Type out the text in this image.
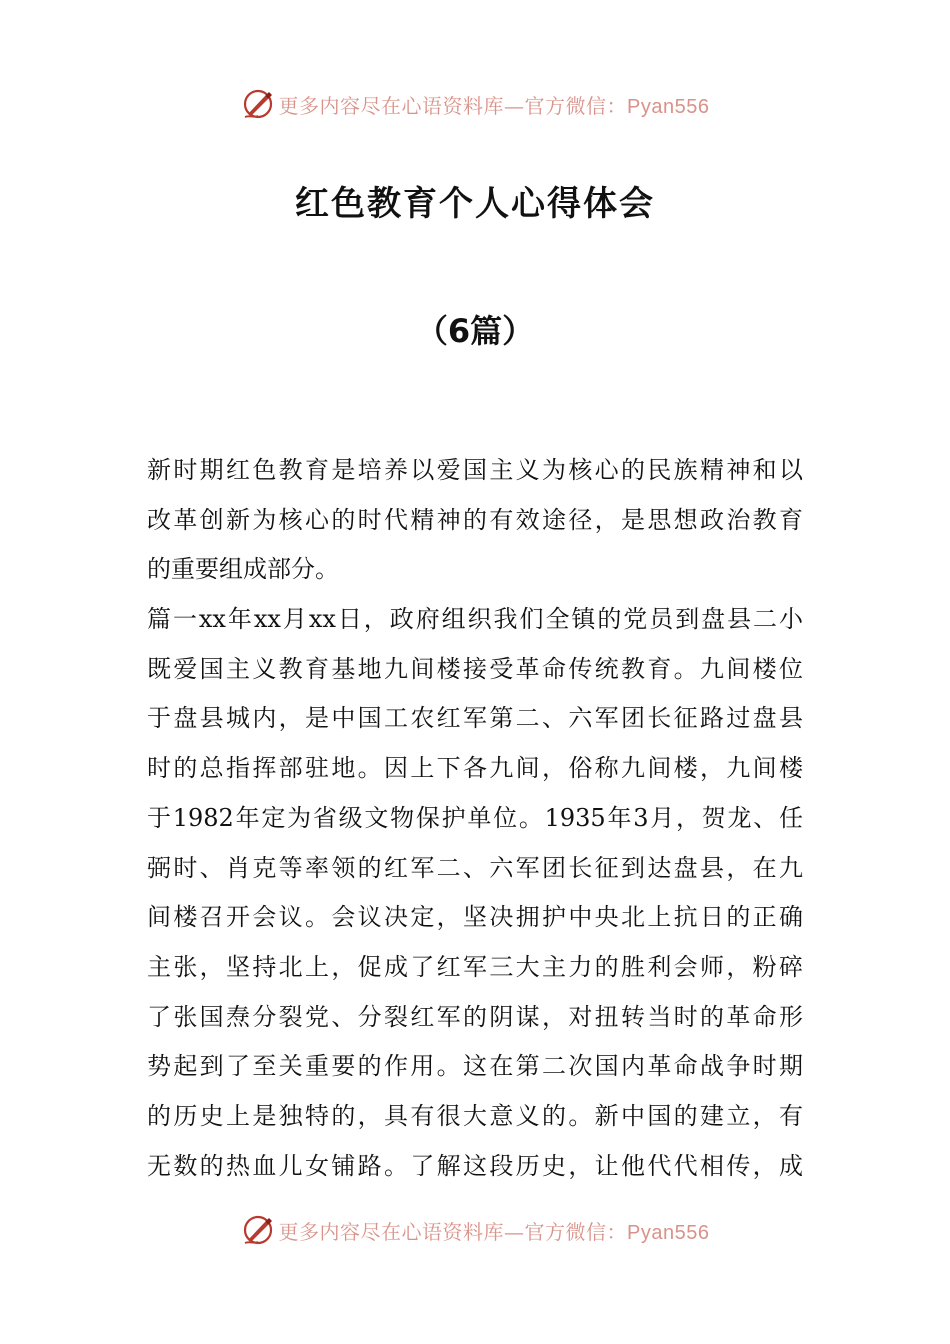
更多内容尽在心语资料库—官方微信：Pyan556
红色教育个人心得体会
（6篇）
新时期红色教育是培养以爱国主义为核心的民族精神和以
改革创新为核心的时代精神的有效途径，是思想政治教育
的重要组成部分。
篇一xx年xx月xx日，政府组织我们全镇的党员到盘县二小
既爱国主义教育基地九间楼接受革命传统教育。九间楼位
于盘县城内，是中国工农红军第二、六军团长征路过盘县
时的总指挥部驻地。因上下各九间，俗称九间楼，九间楼
于1982年定为省级文物保护单位。1935年3月，贺龙、任
弼时、肖克等率领的红军二、六军团长征到达盘县，在九
间楼召开会议。会议决定，坚决拥护中央北上抗日的正确
主张，坚持北上，促成了红军三大主力的胜利会师，粉碎
了张国焘分裂党、分裂红军的阴谋，对扭转当时的革命形
势起到了至关重要的作用。这在第二次国内革命战争时期
的历史上是独特的，具有很大意义的。新中国的建立，有
无数的热血儿女铺路。了解这段历史，让他代代相传，成
更多内容尽在心语资料库—官方微信：Pyan556
